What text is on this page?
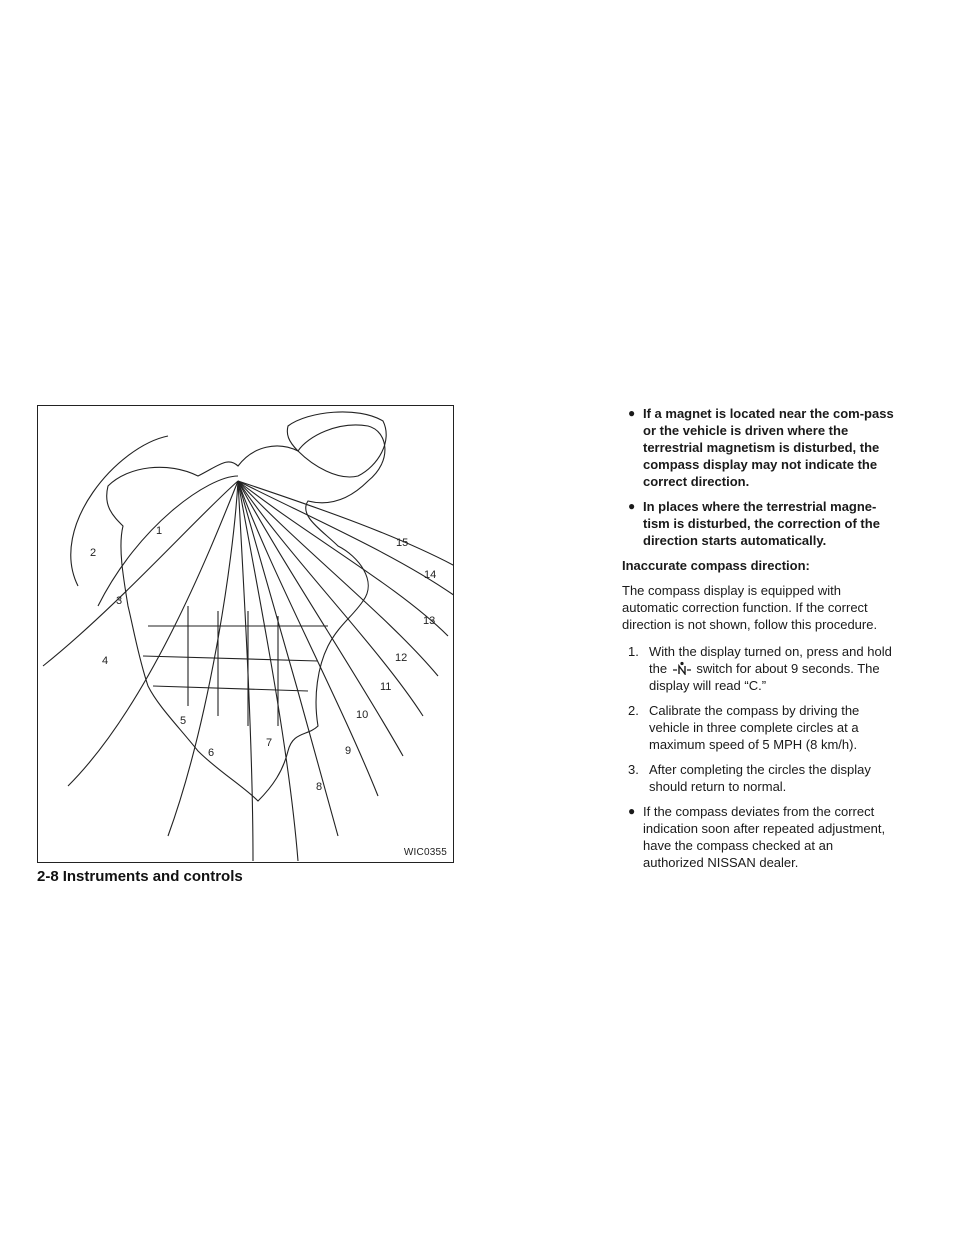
1
2
3
4
5
6
7
8
9
10
11
12
13
14
15
WIC0355
2-8 Instruments and controls
● If a magnet is located near the com-pass or the vehicle is driven where the terrestrial magnetism is disturbed, the compass display may not indicate the correct direction.
● In places where the terrestrial magne-tism is disturbed, the correction of the direction starts automatically.
Inaccurate compass direction:
The compass display is equipped with automatic correction function. If the correct direction is not shown, follow this procedure.
1. With the display turned on, press and hold the switch for about 9 seconds. The display will read “C.”
2. Calibrate the compass by driving the vehicle in three complete circles at a maximum speed of 5 MPH (8 km/h).
3. After completing the circles the display should return to normal.
● If the compass deviates from the correct indication soon after repeated adjustment, have the compass checked at an authorized NISSAN dealer.
